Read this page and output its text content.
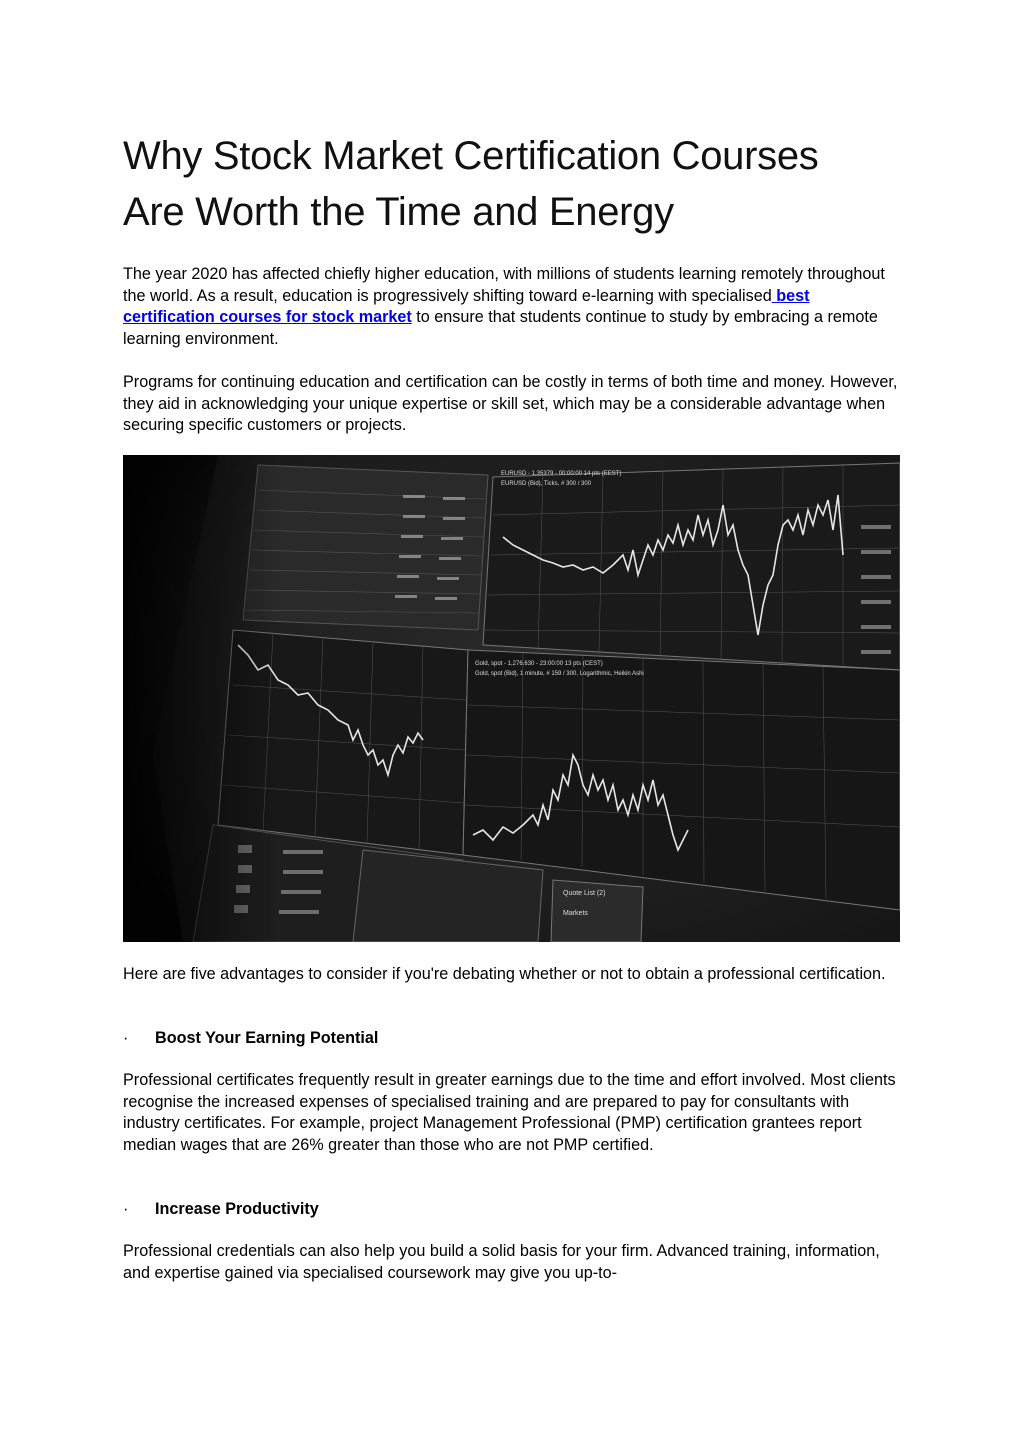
Why Stock Market Certification Courses
Are Worth the Time and Energy
The year 2020 has affected chiefly higher education, with millions of students learning remotely throughout the world. As a result, education is progressively shifting toward e-learning with specialised best certification courses for stock market to ensure that students continue to study by embracing a remote learning environment.
Programs for continuing education and certification can be costly in terms of both time and money. However, they aid in acknowledging your unique expertise or skill set, which may be a considerable advantage when securing specific customers or projects.
Here are five advantages to consider if you're debating whether or not to obtain a professional certification.
· Boost Your Earning Potential
Professional certificates frequently result in greater earnings due to the time and effort involved. Most clients recognise the increased expenses of specialised training and are prepared to pay for consultants with industry certificates. For example, project Management Professional (PMP) certification grantees report median wages that are 26% greater than those who are not PMP certified.
· Increase Productivity
Professional credentials can also help you build a solid basis for your firm. Advanced training, information, and expertise gained via specialised coursework may give you up-to-
